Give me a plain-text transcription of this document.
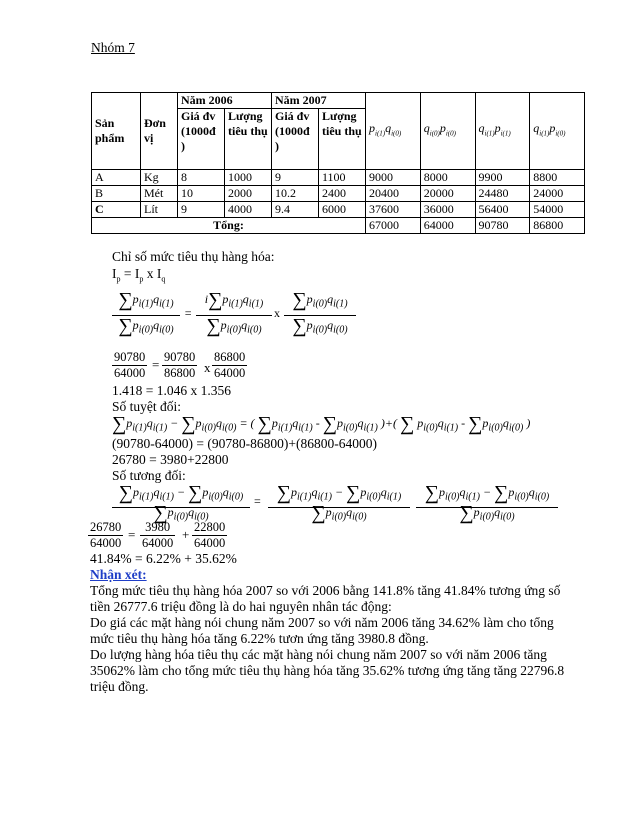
Nhóm 7
Sản phẩm	Đơn vị	Năm 2006		Năm 2007		$p_{i(1)}q_{i(0)}$	$q_{i(0)}p_{i(0)}$	$q_{i(1)}p_{i(1)}$	$q_{i(1)}p_{i(0)}$
		Giá đv (1000đ )	Lượng tiêu thụ	Giá đv (1000đ )	Lượng tiêu thụ				
A	Kg	8	1000	9	1100	9000	8000	9900	8800
B	Mét	10	2000	10.2	2400	20400	20000	24480	24000
C	Lít	9	4000	9.4	6000	37600	36000	56400	54000
Tổng:						67000	64000	90780	86800
Chỉ số mức tiêu thụ hàng hóa:
$I_p = I_p$ x $I_q$
$\sum p_{i(1)}q_{i(1)}$
$\sum p_{i(0)}q_{i(0)}$
=
$i\sum p_{i(1)}q_{i(1)}$
$\sum p_{i(0)}q_{i(0)}$
x
$\sum p_{i(0)}q_{i(1)}$
$\sum p_{i(0)}q_{i(0)}$
$\frac{90780}{64000} = \frac{90780}{86800}$ x $\frac{86800}{64000}$
1.418 = 1.046 x 1.356
Số tuyệt đối:
$\sum p_{i(1)}q_{i(1)} - \sum p_{i(0)}q_{i(0)}$ = ( $\sum p_{i(1)}q_{i(1)} - \sum p_{i(0)}q_{i(1)}$ )+( ∑ $p_{i(0)}q_{i(1)} - \sum p_{i(0)}q_{i(0)}$ )
(90780-64000) = (90780-86800)+(86800-64000)
26780 = 3980+22800
Số tương đối:
$\sum p_{i(1)}q_{i(1)} - \sum p_{i(0)}q_{i(0)}$
$\sum p_{i(0)}q_{i(0)}$
= $\sum p_{i(1)}q_{i(1)} - \sum p_{i(0)}q_{i(1)}$
$\sum p_{i(0)}q_{i(0)}$
$\sum p_{i(0)}q_{i(1)} - \sum p_{i(0)}q_{i(0)}$
$\sum p_{i(0)}q_{i(0)}$
$\frac{26780}{64000} = \frac{3980}{64000} + \frac{22800}{64000}$
41.84% = 6.22% + 35.62%
Nhận xét:
Tổng mức tiêu thụ hàng hóa 2007 so với 2006 bằng 141.8% tăng 41.84% tương ứng số
tiền 26777.6 triệu đồng là do hai nguyên nhân tác động:
Do giá các mặt hàng nói chung năm 2007 so với năm 2006 tăng 34.62% làm cho tổng
mức tiêu thụ hàng hóa tăng 6.22% tươn ứng tăng 3980.8 đồng.
Do lượng hàng hóa tiêu thụ các mặt hàng nói chung năm 2007 so với năm 2006 tăng
35062% làm cho tổng mức tiêu thụ hàng hóa tăng 35.62% tương ứng tăng tăng 22796.8
triệu đồng.
